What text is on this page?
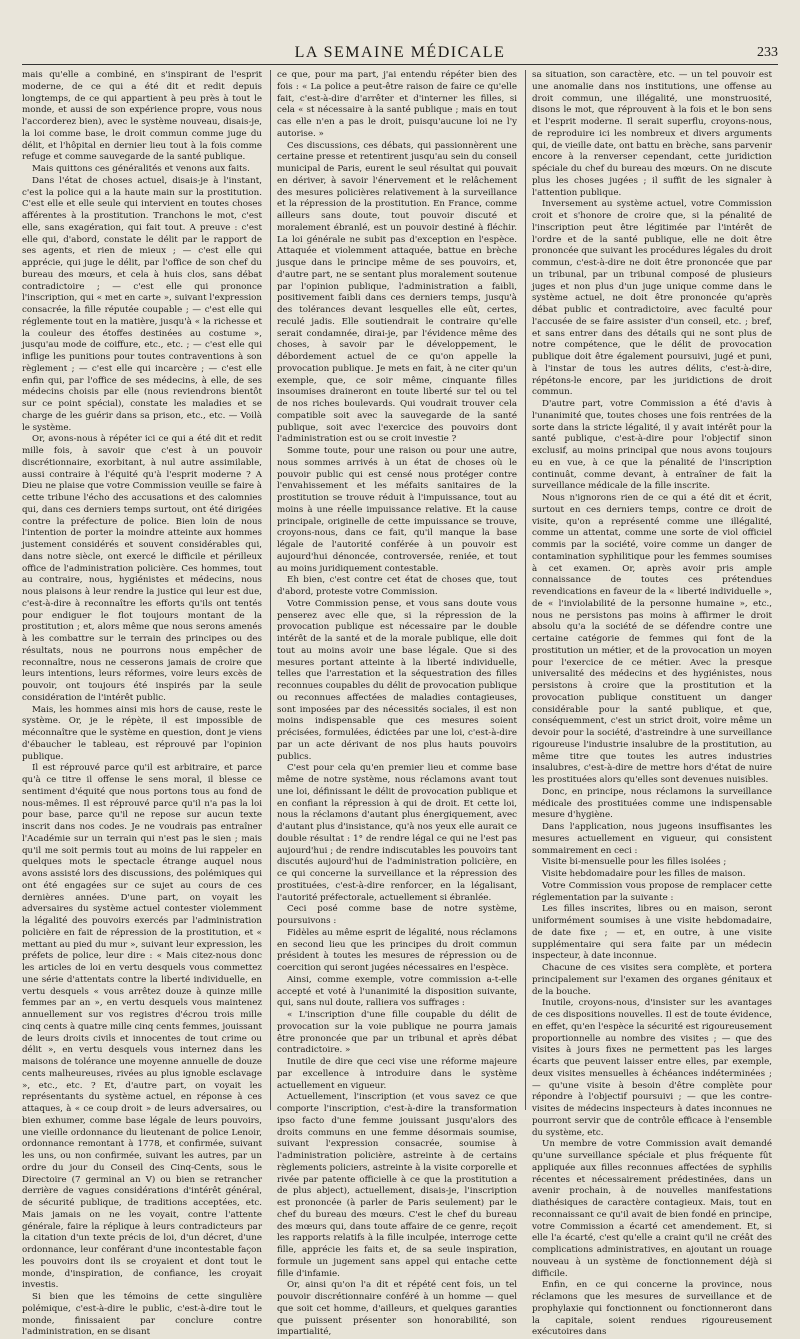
LA SEMAINE MÉDICALE	233

mais qu'elle a combiné, en s'inspirant de l'esprit moderne, de ce qui a été dit et redit depuis longtemps, de ce qui appartient à peu près à tout le monde, et aussi de son expérience propre, vous nous l'accorderez bien), avec le système nouveau, disais-je, la loi comme base, le droit commun comme juge du délit, et l'hôpital en dernier lieu tout à la fois comme refuge et comme sauvegarde de la santé publique.

Mais quittons ces généralités et venons aux faits.

Dans l'état de choses actuel, disais-je à l'instant, c'est la police qui a la haute main sur la prostitution. C'est elle et elle seule qui intervient en toutes choses afférentes à la prostitution. Tranchons le mot, c'est elle, sans exagération, qui fait tout. A preuve : c'est elle qui, d'abord, constate le délit par le rapport de ses agents, et rien de mieux ; — c'est elle qui apprécie, qui juge le délit, par l'office de son chef du bureau des mœurs, et cela à huis clos, sans débat contradictoire ; — c'est elle qui prononce l'inscription, qui « met en carte », suivant l'expression consacrée, la fille réputée coupable ; — c'est elle qui réglemente tout en la matière, jusqu'à « la richesse et la couleur des étoffes destinées au costume », jusqu'au mode de coiffure, etc., etc. ; — c'est elle qui inflige les punitions pour toutes contraventions à son règlement ; — c'est elle qui incarcère ; — c'est elle enfin qui, par l'office de ses médecins, à elle, de ses médecins choisis par elle (nous reviendrons bientôt sur ce point spécial), constate les maladies et se charge de les guérir dans sa prison, etc., etc. — Voilà le système.

Or, avons-nous à répéter ici ce qui a été dit et redit mille fois, à savoir que c'est à un pouvoir discrétionnaire, exorbitant, à nul autre assimilable, aussi contraire à l'équité qu'à l'esprit moderne ? A Dieu ne plaise que votre Commission veuille se faire à cette tribune l'écho des accusations et des calomnies qui, dans ces derniers temps surtout, ont été dirigées contre la préfecture de police. Bien loin de nous l'intention de porter la moindre atteinte aux hommes justement considérés et souvent considérables qui, dans notre siècle, ont exercé le difficile et périlleux office de l'administration policière. Ces hommes, tout au contraire, nous, hygiénistes et médecins, nous nous plaisons à leur rendre la justice qui leur est due, c'est-à-dire à reconnaître les efforts qu'ils ont tentés pour endiguer le flot toujours montant de la prostitution ; et, alors même que nous serons amenés à les combattre sur le terrain des principes ou des résultats, nous ne pourrons nous empêcher de reconnaître, nous ne cesserons jamais de croire que leurs intentions, leurs réformes, voire leurs excès de pouvoir, ont toujours été inspirés par la seule considération de l'intérêt public.

Mais, les hommes ainsi mis hors de cause, reste le système. Or, je le répète, il est impossible de méconnaître que le système en question, dont je viens d'ébaucher le tableau, est réprouvé par l'opinion publique.

Il est réprouvé parce qu'il est arbitraire, et parce qu'à ce titre il offense le sens moral, il blesse ce sentiment d'équité que nous portons tous au fond de nous-mêmes. Il est réprouvé parce qu'il n'a pas la loi pour base, parce qu'il ne repose sur aucun texte inscrit dans nos codes. Je ne voudrais pas entraîner l'Académie sur un terrain qui n'est pas le sien ; mais qu'il me soit permis tout au moins de lui rappeler en quelques mots le spectacle étrange auquel nous avons assisté lors des discussions, des polémiques qui ont été engagées sur ce sujet au cours de ces dernières années. D'une part, on voyait les adversaires du système actuel contester violemment la légalité des pouvoirs exercés par l'administration policière en fait de répression de la prostitution, et « mettant au pied du mur », suivant leur expression, les préfets de police, leur dire : « Mais citez-nous donc les articles de loi en vertu desquels vous commettez une série d'attentats contre la liberté individuelle, en vertu desquels « vous arrêtez douze à quinze mille femmes par an », en vertu desquels vous maintenez annuellement sur vos registres d'écrou trois mille cinq cents à quatre mille cinq cents femmes, jouissant de leurs droits civils et innocentes de tout crime ou délit », en vertu desquels vous internez dans les maisons de tolérance une moyenne annuelle de douze cents malheureuses, rivées au plus ignoble esclavage », etc., etc. ? Et, d'autre part, on voyait les représentants du système actuel, en réponse à ces attaques, à « ce coup droit » de leurs adversaires, ou bien exhumer, comme base légale de leurs pouvoirs, une vieille ordonnance du lieutenant de police Lenoir, ordonnance remontant à 1778, et confirmée, suivant les uns, ou non confirmée, suivant les autres, par un ordre du jour du Conseil des Cinq-Cents, sous le Directoire (7 germinal an V) ou bien se retrancher derrière de vagues considérations d'intérêt général, de sécurité publique, de traditions acceptées, etc. Mais jamais on ne les voyait, contre l'attente générale, faire la réplique à leurs contradicteurs par la citation d'un texte précis de loi, d'un décret, d'une ordonnance, leur conférant d'une incontestable façon les pouvoirs dont ils se croyaient et dont tout le monde, d'inspiration, de confiance, les croyait investis.

Si bien que les témoins de cette singulière polémique, c'est-à-dire le public, c'est-à-dire tout le monde, finissaient par conclure contre l'administration, en se disant

ce que, pour ma part, j'ai entendu répéter bien des fois : « La police a peut-être raison de faire ce qu'elle fait, c'est-à-dire d'arrêter et d'interner les filles, si cela « st nécessaire à la santé publique ; mais en tout cas elle n'en a pas le droit, puisqu'aucune loi ne l'y autorise. »

Ces discussions, ces débats, qui passionnèrent une certaine presse et retentirent jusqu'au sein du conseil municipal de Paris, eurent le seul résultat qui pouvait en dériver, à savoir l'énervement et le relâchement des mesures policières relativement à la surveillance et la répression de la prostitution. En France, comme ailleurs sans doute, tout pouvoir discuté et moralement ébranlé, est un pouvoir destiné à fléchir. La loi générale ne subit pas d'exception en l'espèce. Attaquée et violemment attaquée, battue en brèche jusque dans le principe même de ses pouvoirs, et, d'autre part, ne se sentant plus moralement soutenue par l'opinion publique, l'administration a faibli, positivement faibli dans ces derniers temps, jusqu'à des tolérances devant lesquelles elle eût, certes, reculé jadis. Elle soutiendrait le contraire qu'elle serait condamnée, dirai-je, par l'évidence même des choses, à savoir par le développement, le débordement actuel de ce qu'on appelle la provocation publique. Je mets en fait, à ne citer qu'un exemple, que, ce soir même, cinquante filles insoumises draineront en toute liberté sur tel ou tel de nos riches boulevards. Qui voudrait trouver cela compatible soit avec la sauvegarde de la santé publique, soit avec l'exercice des pouvoirs dont l'administration est ou se croit investie ?

Somme toute, pour une raison ou pour une autre, nous sommes arrivés à un état de choses où le pouvoir public qui est censé nous protéger contre l'envahissement et les méfaits sanitaires de la prostitution se trouve réduit à l'impuissance, tout au moins à une réelle impuissance relative. Et la cause principale, originelle de cette impuissance se trouve, croyons-nous, dans ce fait, qu'il manque la base légale de l'autorité conférée à un pouvoir est aujourd'hui dénoncée, controversée, reniée, et tout au moins juridiquement contestable.

Eh bien, c'est contre cet état de choses que, tout d'abord, proteste votre Commission.

Votre Commission pense, et vous sans doute vous penserez avec elle que, si la répression de la provocation publique est nécessaire par le double intérêt de la santé et de la morale publique, elle doit tout au moins avoir une base légale. Que si des mesures portant atteinte à la liberté individuelle, telles que l'arrestation et la séquestration des filles reconnues coupables du délit de provocation publique ou reconnues affectées de maladies contagieuses, sont imposées par des nécessités sociales, il est non moins indispensable que ces mesures soient précisées, formulées, édictées par une loi, c'est-à-dire par un acte dérivant de nos plus hauts pouvoirs publics.

C'est pour cela qu'en premier lieu et comme base même de notre système, nous réclamons avant tout une loi, définissant le délit de provocation publique et en confiant la répression à qui de droit. Et cette loi, nous la réclamons d'autant plus énergiquement, avec d'autant plus d'insistance, qu'à nos yeux elle aurait ce double résultat : 1° de rendre légal ce qui ne l'est pas aujourd'hui ; de rendre indiscutables les pouvoirs tant discutés aujourd'hui de l'administration policière, en ce qui concerne la surveillance et la répression des prostituées, c'est-à-dire renforcer, en la légalisant, l'autorité préfectorale, actuellement si ébranlée.

Ceci posé comme base de notre système, poursuivons :

Fidèles au même esprit de légalité, nous réclamons en second lieu que les principes du droit commun président à toutes les mesures de répression ou de coercition qui seront jugées nécessaires en l'espèce.

Ainsi, comme exemple, votre commission a-t-elle accepté et voté à l'unanimité la disposition suivante, qui, sans nul doute, ralliera vos suffrages :

« L'inscription d'une fille coupable du délit de provocation sur la voie publique ne pourra jamais être prononcée que par un tribunal et après débat contradictoire. »

Inutile de dire que ceci vise une réforme majeure par excellence à introduire dans le système actuellement en vigueur.

Actuellement, l'inscription (et vous savez ce que comporte l'inscription, c'est-à-dire la transformation ipso facto d'une femme jouissant jusqu'alors des droits communs en une femme désormais soumise, suivant l'expression consacrée, soumise à l'administration policière, astreinte à de certains règlements policiers, astreinte à la visite corporelle et rivée par patente officielle à ce que la prostitution a de plus abject), actuellement, disais-je, l'inscription est prononcée (à parler de Paris seulement) par le chef du bureau des mœurs. C'est le chef du bureau des mœurs qui, dans toute affaire de ce genre, reçoit les rapports relatifs à la fille inculpée, interroge cette fille, apprécie les faits et, de sa seule inspiration, formule un jugement sans appel qui entache cette fille d'infamie.

Or, ainsi qu'on l'a dit et répété cent fois, un tel pouvoir discrétionnaire conféré à un homme — quel que soit cet homme, d'ailleurs, et quelques garanties que puissent présenter son honorabilité, son impartialité,

sa situation, son caractère, etc. — un tel pouvoir est une anomalie dans nos institutions, une offense au droit commun, une illégalité, une monstruosité, disons le mot, que réprouvent à la fois et le bon sens et l'esprit moderne. Il serait superflu, croyons-nous, de reproduire ici les nombreux et divers arguments qui, de vieille date, ont battu en brèche, sans parvenir encore à la renverser cependant, cette juridiction spéciale du chef du bureau des mœurs. On ne discute plus les choses jugées ; il suffit de les signaler à l'attention publique.

Inversement au système actuel, votre Commission croit et s'honore de croire que, si la pénalité de l'inscription peut être légitimée par l'intérêt de l'ordre et de la santé publique, elle ne doit être prononcée que suivant les procédures légales du droit commun, c'est-à-dire ne doit être prononcée que par un tribunal, par un tribunal composé de plusieurs juges et non plus d'un juge unique comme dans le système actuel, ne doit être prononcée qu'après débat public et contradictoire, avec faculté pour l'accusée de se faire assister d'un conseil, etc. ; bref, et sans entrer dans des détails qui ne sont plus de notre compétence, que le délit de provocation publique doit être également poursuivi, jugé et puni, à l'instar de tous les autres délits, c'est-à-dire, répétons-le encore, par les juridictions de droit commun.

D'autre part, votre Commission a été d'avis à l'unanimité que, toutes choses une fois rentrées de la sorte dans la stricte légalité, il y avait intérêt pour la santé publique, c'est-à-dire pour l'objectif sinon exclusif, au moins principal que nous avons toujours eu en vue, à ce que la pénalité de l'inscription continuât, comme devant, à entraîner de fait la surveillance médicale de la fille inscrite.

Nous n'ignorons rien de ce qui a été dit et écrit, surtout en ces derniers temps, contre ce droit de visite, qu'on a représenté comme une illégalité, comme un attentat, comme une sorte de viol officiel commis par la société, voire comme un danger de contamination syphilitique pour les femmes soumises à cet examen. Or, après avoir pris ample connaissance de toutes ces prétendues revendications en faveur de la « liberté individuelle », de « l'inviolabilité de la personne humaine », etc., nous ne persistons pas moins à affirmer le droit absolu qu'a la société de se défendre contre une certaine catégorie de femmes qui font de la prostitution un métier, et de la provocation un moyen pour l'exercice de ce métier. Avec la presque universalité des médecins et des hygiénistes, nous persistons à croire que la prostitution et la provocation publique constituent un danger considérable pour la santé publique, et que, conséquemment, c'est un strict droit, voire même un devoir pour la société, d'astreindre à une surveillance rigoureuse l'industrie insalubre de la prostitution, au même titre que toutes les autres industries insalubres, c'est-à-dire de mettre hors d'état de nuire les prostituées alors qu'elles sont devenues nuisibles.

Donc, en principe, nous réclamons la surveillance médicale des prostituées comme une indispensable mesure d'hygiène.

Dans l'application, nous jugeons insuffisantes les mesures actuellement en vigueur, qui consistent sommairement en ceci :

Visite bi-mensuelle pour les filles isolées ;

Visite hebdomadaire pour les filles de maison.

Votre Commission vous propose de remplacer cette réglementation par la suivante :

Les filles inscrites, libres ou en maison, seront uniformément soumises à une visite hebdomadaire, de date fixe ; — et, en outre, à une visite supplémentaire qui sera faite par un médecin inspecteur, à date inconnue.

Chacune de ces visites sera complète, et portera principalement sur l'examen des organes génitaux et de la bouche.

Inutile, croyons-nous, d'insister sur les avantages de ces dispositions nouvelles. Il est de toute évidence, en effet, qu'en l'espèce la sécurité est rigoureusement proportionnelle au nombre des visites ; — que des visites à jours fixes ne permettent pas les larges écarts que peuvent laisser entre elles, par exemple, deux visites mensuelles à échéances indéterminées ; — qu'une visite à besoin d'être complète pour répondre à l'objectif poursuivi ; — que les contre-visites de médecins inspecteurs à dates inconnues ne pourront servir que de contrôle efficace à l'ensemble du système, etc.

Un membre de votre Commission avait demandé qu'une surveillance spéciale et plus fréquente fût appliquée aux filles reconnues affectées de syphilis récentes et nécessairement prédestinées, dans un avenir prochain, à de nouvelles manifestations diathésiques de caractère contagieux. Mais, tout en reconnaissant ce qu'il avait de bien fondé en principe, votre Commission a écarté cet amendement. Et, si elle l'a écarté, c'est qu'elle a craint qu'il ne créât des complications administratives, en ajoutant un rouage nouveau à un système de fonctionnement déjà si difficile.

Enfin, en ce qui concerne la province, nous réclamons que les mesures de surveillance et de prophylaxie qui fonctionnent ou fonctionneront dans la capitale, soient rendues rigoureusement exécutoires dans
